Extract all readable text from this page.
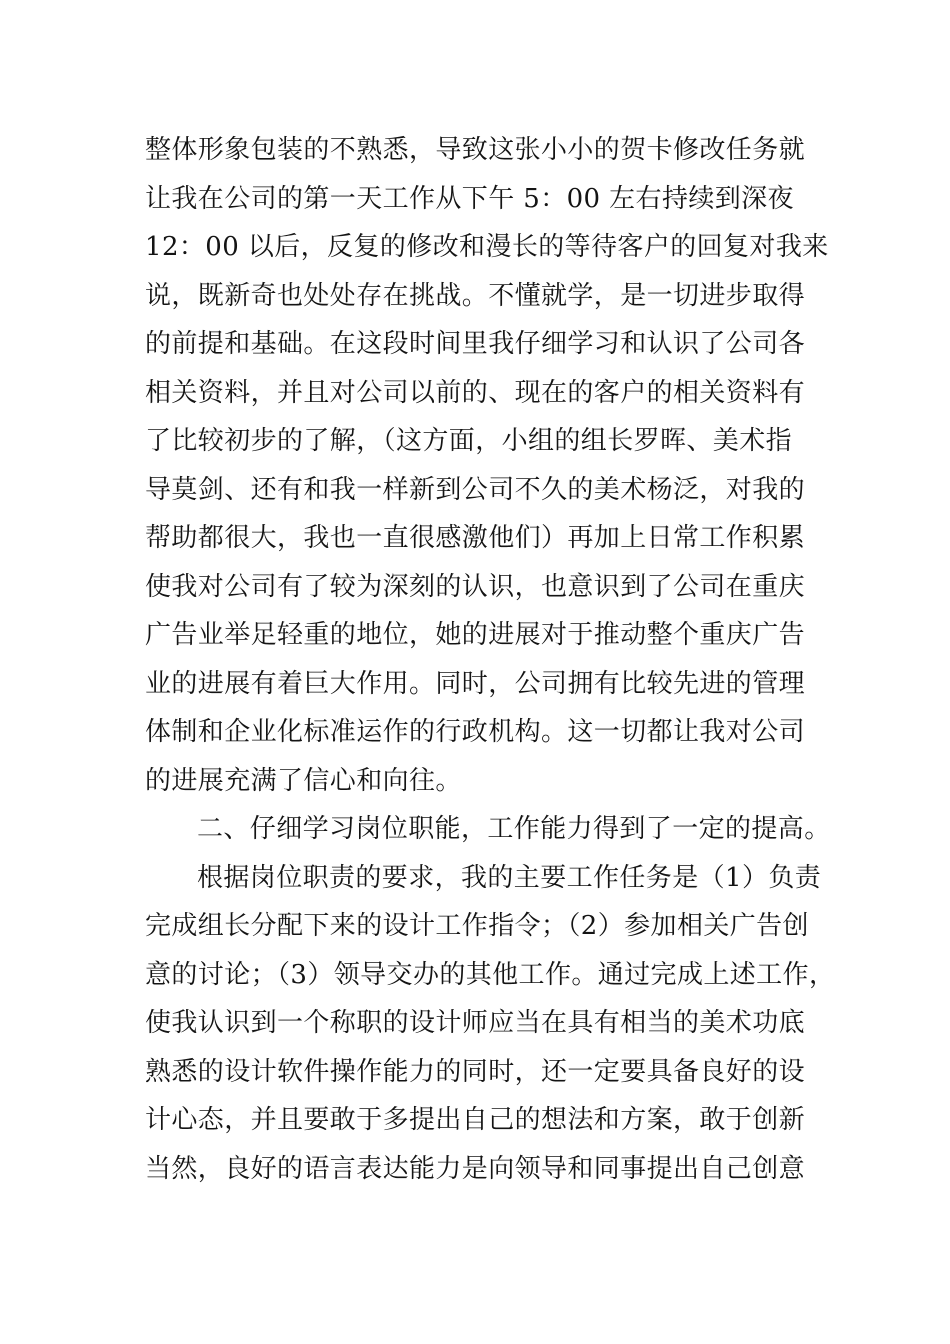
整体形象包装的不熟悉，导致这张小小的贺卡修改任务就
让我在公司的第一天工作从下午 5：00 左右持续到深夜
12：00 以后，反复的修改和漫长的等待客户的回复对我来
说，既新奇也处处存在挑战。不懂就学，是一切进步取得
的前提和基础。在这段时间里我仔细学习和认识了公司各
相关资料，并且对公司以前的、现在的客户的相关资料有
了比较初步的了解，（这方面，小组的组长罗晖、美术指
导莫剑、还有和我一样新到公司不久的美术杨泛，对我的
帮助都很大，我也一直很感激他们）再加上日常工作积累
使我对公司有了较为深刻的认识，也意识到了公司在重庆
广告业举足轻重的地位，她的进展对于推动整个重庆广告
业的进展有着巨大作用。同时，公司拥有比较先进的管理
体制和企业化标准运作的行政机构。这一切都让我对公司
的进展充满了信心和向往。
二、仔细学习岗位职能，工作能力得到了一定的提高。
根据岗位职责的要求，我的主要工作任务是（1）负责
完成组长分配下来的设计工作指令；（2）参加相关广告创
意的讨论；（3）领导交办的其他工作。通过完成上述工作，
使我认识到一个称职的设计师应当在具有相当的美术功底
熟悉的设计软件操作能力的同时，还一定要具备良好的设
计心态，并且要敢于多提出自己的想法和方案，敢于创新
当然，良好的语言表达能力是向领导和同事提出自己创意
